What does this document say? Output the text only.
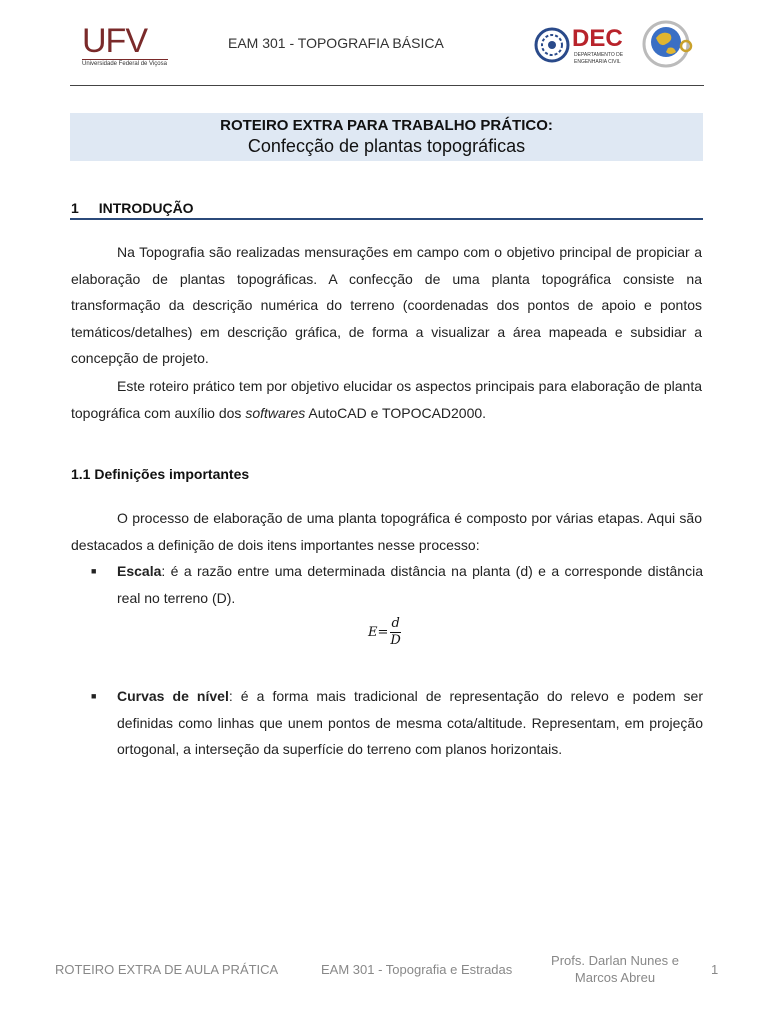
UFV
Universidade Federal de Viçosa
EAM 301 - TOPOGRAFIA BÁSICA	DEC
DEPARTAMENTO DE
ENGENHARIA CIVIL
ROTEIRO EXTRA PARA TRABALHO PRÁTICO:
Confecção de plantas topográficas
1 INTRODUÇÃO
Na Topografia são realizadas mensurações em campo com o objetivo principal de propiciar a elaboração de plantas topográficas. A confecção de uma planta topográfica consiste na transformação da descrição numérica do terreno (coordenadas dos pontos de apoio e pontos temáticos/detalhes) em descrição gráfica, de forma a visualizar a área mapeada e subsidiar a concepção de projeto.
Este roteiro prático tem por objetivo elucidar os aspectos principais para elaboração de planta topográfica com auxílio dos softwares AutoCAD e TOPOCAD2000.
1.1 Definições importantes
O processo de elaboração de uma planta topográfica é composto por várias etapas. Aqui são destacados a definição de dois itens importantes nesse processo:
■ Escala: é a razão entre uma determinada distância na planta (d) e a corresponde distância real no terreno (D).
$E= \frac{d}{D}$
■ Curvas de nível: é a forma mais tradicional de representação do relevo e podem ser definidas como linhas que unem pontos de mesma cota/altitude. Representam, em projeção ortogonal, a interseção da superfície do terreno com planos horizontais.
ROTEIRO EXTRA DE AULA PRÁTICA	EAM 301 - Topografia e Estradas
Profs. Darlan Nunes e
Marcos Abreu
1
